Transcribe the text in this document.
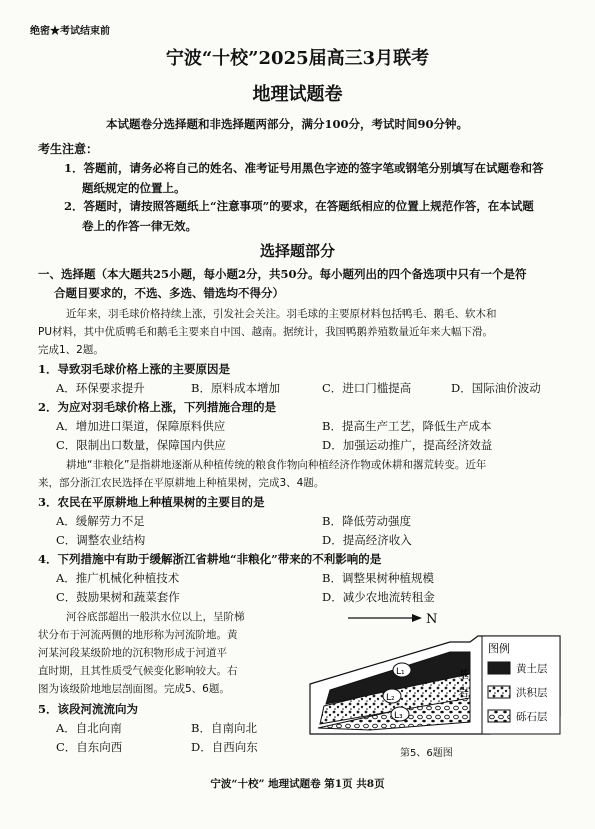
绝密★考试结束前
宁波“十校”2025届高三3月联考
地理试题卷
本试题卷分选择题和非选择题两部分，满分100分，考试时间90分钟。
考生注意：
1．答题前，请务必将自己的姓名、准考证号用黑色字迹的签字笔或钢笔分别填写在试题卷和答
题纸规定的位置上。
2．答题时，请按照答题纸上“注意事项”的要求，在答题纸相应的位置上规范作答，在本试题
卷上的作答一律无效。
选择题部分
一、选择题（本大题共25小题，每小题2分，共50分。每小题列出的四个备选项中只有一个是符
合题目要求的，不选、多选、错选均不得分）
近年来，羽毛球价格持续上涨，引发社会关注。羽毛球的主要原材料包括鸭毛、鹅毛、软木和
PU材料，其中优质鸭毛和鹅毛主要来自中国、越南。据统计，我国鸭鹅养殖数量近年来大幅下滑。
完成1、2题。
1．导致羽毛球价格上涨的主要原因是
A．环保要求提升	B．原料成本增加	C．进口门槛提高	D．国际油价波动
2．为应对羽毛球价格上涨，下列措施合理的是
A．增加进口渠道，保障原料供应	B．提高生产工艺，降低生产成本
C．限制出口数量，保障国内供应	D．加强运动推广，提高经济效益
耕地“非粮化”是指耕地逐渐从种植传统的粮食作物向种植经济作物或休耕和撂荒转变。近年
来，部分浙江农民选择在平原耕地上种植果树，完成3、4题。
3．农民在平原耕地上种植果树的主要目的是
A．缓解劳力不足	B．降低劳动强度
C．调整农业结构	D．提高经济收入
4．下列措施中有助于缓解浙江省耕地“非粮化”带来的不利影响的是
A．推广机械化种植技术	B．调整果树种植规模
C．鼓励果树和蔬菜套作	D．减少农地流转租金
河谷底部超出一般洪水位以上，呈阶梯
状分布于河流两侧的地形称为河流阶地。黄
河某河段某级阶地的沉积物形成于河道平
直时期，且其性质受气候变化影响较大。右
图为该级阶地地层剖面图。完成5、6题。
5．该段河流流向为
A．自北向南	B．自南向北
C．自东向西	D．自西向东
N
L₁
L₂
L₃
基
岩
图例
黄土层
洪积层
砾石层
第5、6题图
宁波“十校” 地理试题卷 第1页 共8页
